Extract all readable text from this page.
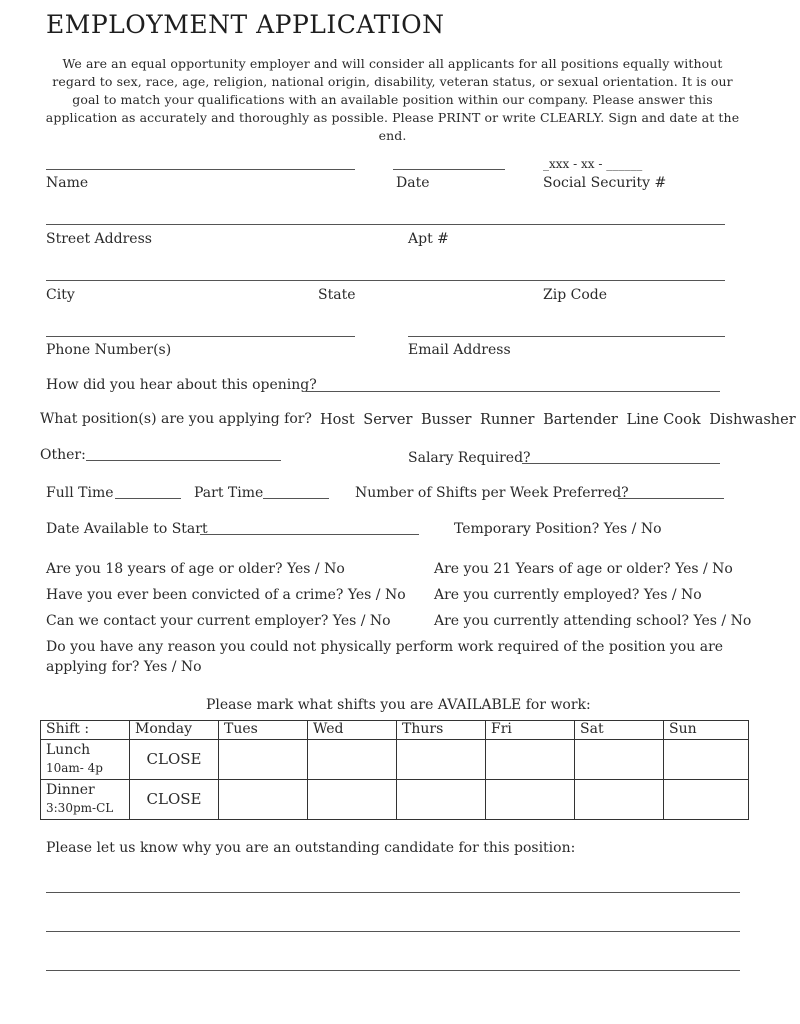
EMPLOYMENT APPLICATION
We are an equal opportunity employer and will consider all applicants for all positions equally without regard to sex, race, age, religion, national origin, disability, veteran status, or sexual orientation. It is our goal to match your qualifications with an available position within our company. Please answer this application as accurately and thoroughly as possible. Please PRINT or write CLEARLY. Sign and date at the end.
_xxx - xx - ______
Name	Date	Social Security #
Street Address	Apt #
City	State	Zip Code
Phone Number(s)	Email Address
How did you hear about this opening?
What position(s) are you applying for? Host Server Busser Runner Bartender Line Cook Dishwasher
Other:	Salary Required?
Full Time	Part Time	Number of Shifts per Week Preferred?
Date Available to Start	Temporary Position? Yes / No
Are you 18 years of age or older? Yes / No	Are you 21 Years of age or older? Yes / No
Have you ever been convicted of a crime? Yes / No Are you currently employed? Yes / No
Can we contact your current employer? Yes / No	Are you currently attending school? Yes / No
Do you have any reason you could not physically perform work required of the position you are
applying for? Yes / No
Please mark what shifts you are AVAILABLE for work:
Shift :	Monday	Tues	Wed	Thurs	Fri	Sat	Sun

Lunch
10am- 4p	CLOSE						

Dinner
3:30pm-CL	CLOSE						
Please let us know why you are an outstanding candidate for this position:
